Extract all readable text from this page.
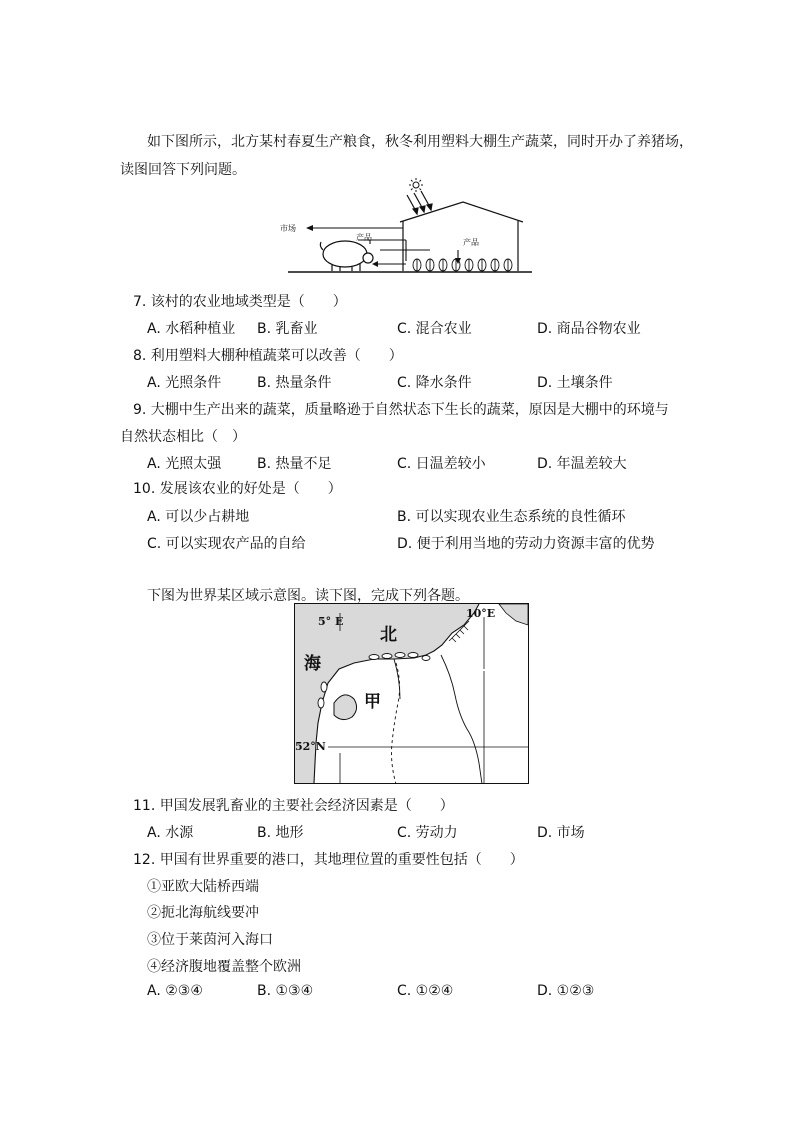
如下图所示，北方某村春夏生产粮食，秋冬利用塑料大棚生产蔬菜，同时开办了养猪场，
读图回答下列问题。
市场
产品
产品
7. 该村的农业地域类型是（　　）
A. 水稻种植业 B. 乳畜业	C. 混合农业	D. 商品谷物农业
8. 利用塑料大棚种植蔬菜可以改善（　　）
A. 光照条件	B. 热量条件	C. 降水条件	D. 土壤条件
9. 大棚中生产出来的蔬菜，质量略逊于自然状态下生长的蔬菜，原因是大棚中的环境与
自然状态相比（　）
A. 光照太强	B. 热量不足	C. 日温差较小	D. 年温差较大
10. 发展该农业的好处是（　　）
A. 可以少占耕地	B. 可以实现农业生态系统的良性循环
C. 可以实现农产品的自给	D. 便于利用当地的劳动力资源丰富的优势
下图为世界某区域示意图。读下图，完成下列各题。
5° E
10°E
52°N
北
海
甲
11. 甲国发展乳畜业的主要社会经济因素是（　　）
A. 水源	B. 地形	C. 劳动力	D. 市场
12. 甲国有世界重要的港口，其地理位置的重要性包括（　　）
①亚欧大陆桥西端
②扼北海航线要冲
③位于莱茵河入海口
④经济腹地覆盖整个欧洲
A. ②③④	B. ①③④	C. ①②④	D. ①②③
